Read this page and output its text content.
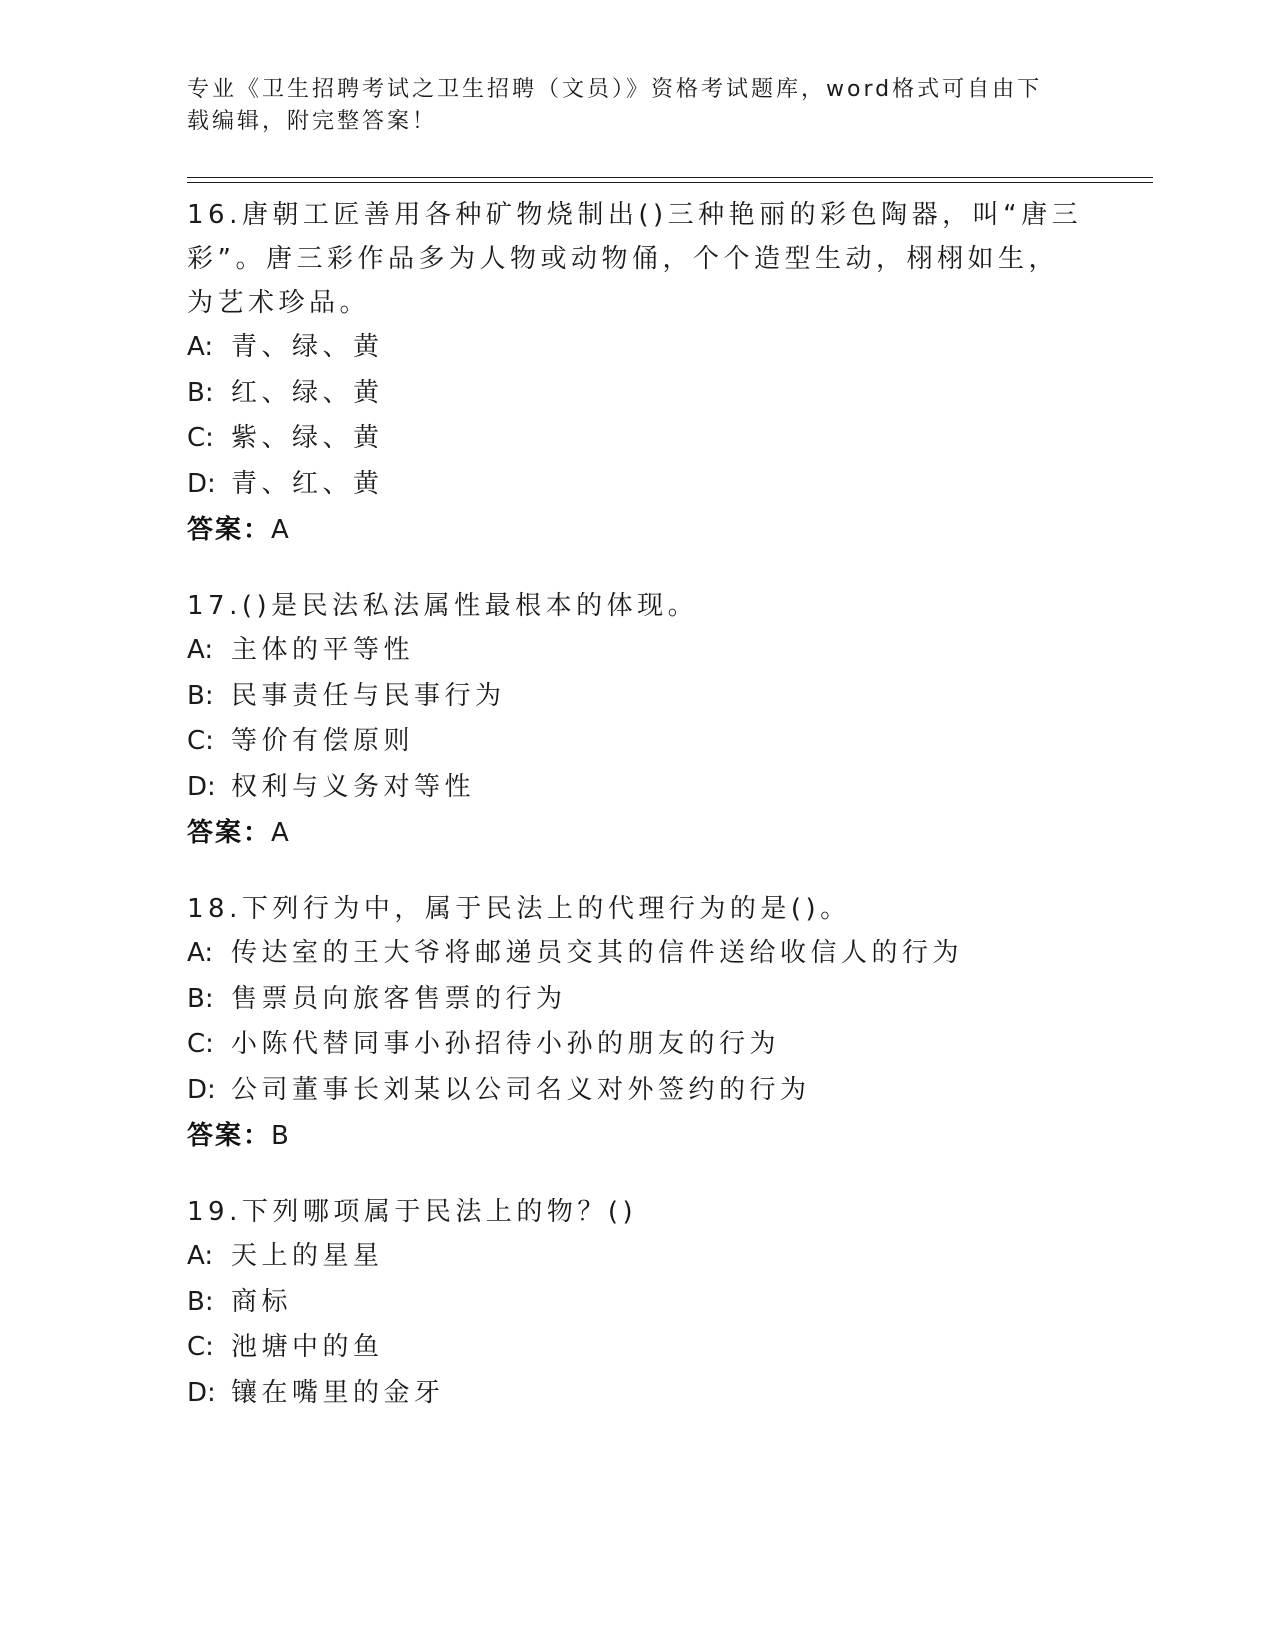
专业《卫生招聘考试之卫生招聘（文员）》资格考试题库，word格式可自由下载编辑，附完整答案！

16.唐朝工匠善用各种矿物烧制出()三种艳丽的彩色陶器，叫“唐三彩”。唐三彩作品多为人物或动物俑，个个造型生动，栩栩如生，为艺术珍品。

A: 青、绿、黄

B: 红、绿、黄

C: 紫、绿、黄

D: 青、红、黄

答案：A

17.()是民法私法属性最根本的体现。

A: 主体的平等性

B: 民事责任与民事行为

C: 等价有偿原则

D: 权利与义务对等性

答案：A

18.下列行为中，属于民法上的代理行为的是()。

A: 传达室的王大爷将邮递员交其的信件送给收信人的行为

B: 售票员向旅客售票的行为

C: 小陈代替同事小孙招待小孙的朋友的行为

D: 公司董事长刘某以公司名义对外签约的行为

答案：B

19.下列哪项属于民法上的物？()

A: 天上的星星

B: 商标

C: 池塘中的鱼

D: 镶在嘴里的金牙
